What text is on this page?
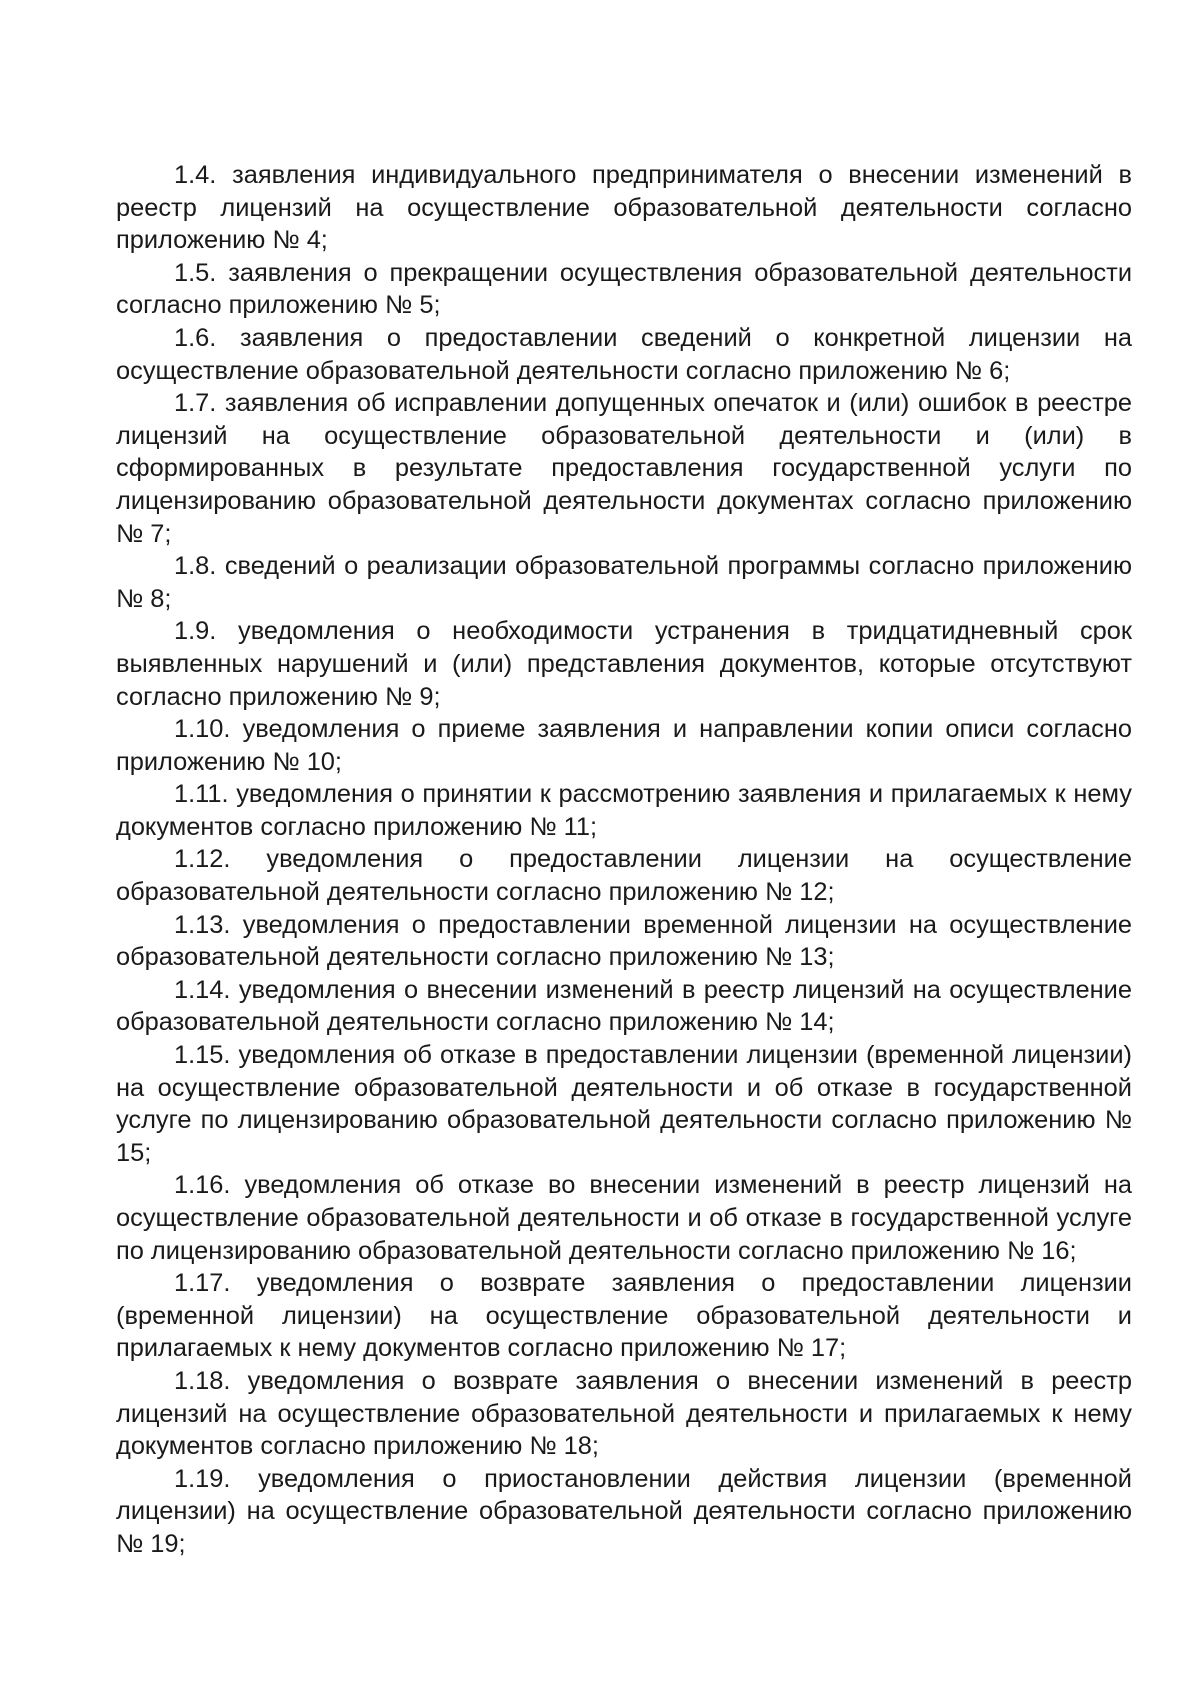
1.4. заявления индивидуального предпринимателя о внесении изменений в реестр лицензий на осуществление образовательной деятельности согласно приложению № 4;

1.5. заявления о прекращении осуществления образовательной деятельности согласно приложению № 5;

1.6. заявления о предоставлении сведений о конкретной лицензии на осуществление образовательной деятельности согласно приложению № 6;

1.7. заявления об исправлении допущенных опечаток и (или) ошибок в реестре лицензий на осуществление образовательной деятельности и (или) в сформированных в результате предоставления государственной услуги по лицензированию образовательной деятельности документах согласно приложению № 7;

1.8. сведений о реализации образовательной программы согласно приложению № 8;

1.9. уведомления о необходимости устранения в тридцатидневный срок выявленных нарушений и (или) представления документов, которые отсутствуют согласно приложению № 9;

1.10. уведомления о приеме заявления и направлении копии описи согласно приложению № 10;

1.11. уведомления о принятии к рассмотрению заявления и прилагаемых к нему документов согласно приложению № 11;

1.12. уведомления о предоставлении лицензии на осуществление образовательной деятельности согласно приложению № 12;

1.13. уведомления о предоставлении временной лицензии на осуществление образовательной деятельности согласно приложению № 13;

1.14. уведомления о внесении изменений в реестр лицензий на осуществление образовательной деятельности согласно приложению № 14;

1.15. уведомления об отказе в предоставлении лицензии (временной лицензии) на осуществление образовательной деятельности и об отказе в государственной услуге по лицензированию образовательной деятельности согласно приложению № 15;

1.16. уведомления об отказе во внесении изменений в реестр лицензий на осуществление образовательной деятельности и об отказе в государственной услуге по лицензированию образовательной деятельности согласно приложению № 16;

1.17. уведомления о возврате заявления о предоставлении лицензии (временной лицензии) на осуществление образовательной деятельности и прилагаемых к нему документов согласно приложению № 17;

1.18. уведомления о возврате заявления о внесении изменений в реестр лицензий на осуществление образовательной деятельности и прилагаемых к нему документов согласно приложению № 18;

1.19. уведомления о приостановлении действия лицензии (временной лицензии) на осуществление образовательной деятельности согласно приложению № 19;
